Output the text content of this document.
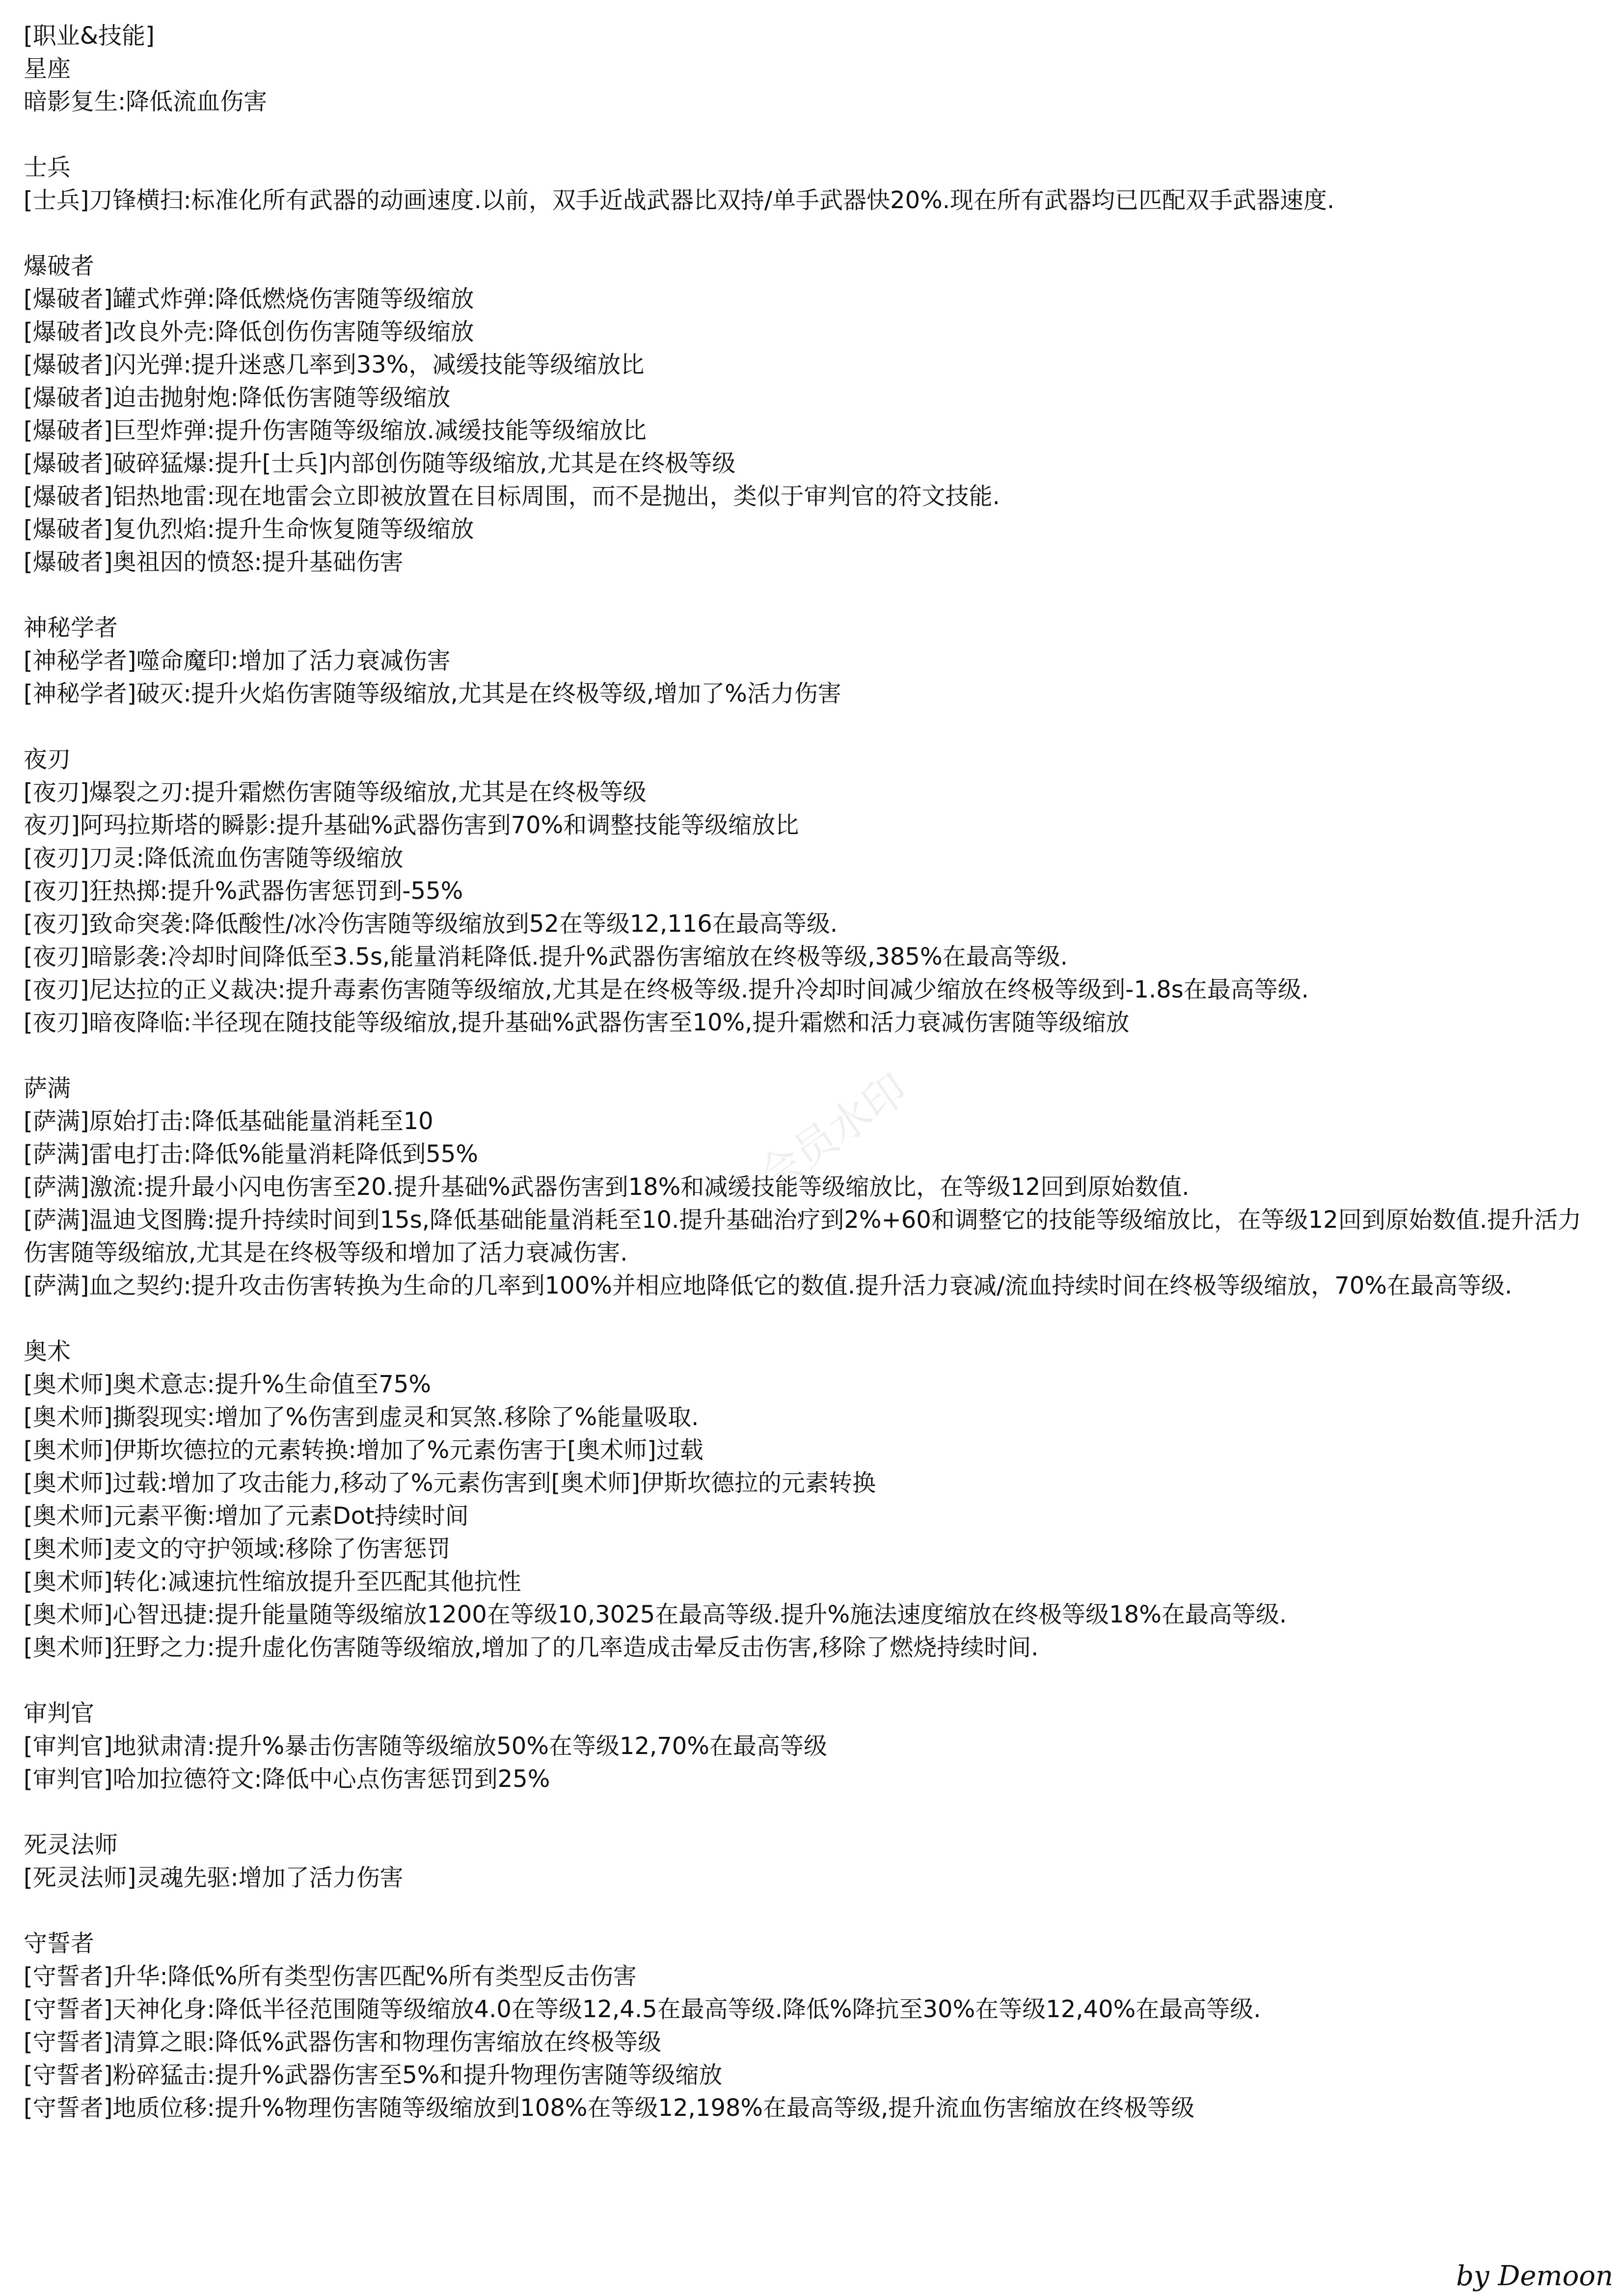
会员水印

[职业&技能]

星座

暗影复生:降低流血伤害

士兵

[士兵]刀锋横扫:标准化所有武器的动画速度.以前，双手近战武器比双持/单手武器快20%.现在所有武器均已匹配双手武器速度.

爆破者

[爆破者]罐式炸弹:降低燃烧伤害随等级缩放

[爆破者]改良外壳:降低创伤伤害随等级缩放

[爆破者]闪光弹:提升迷惑几率到33%，减缓技能等级缩放比

[爆破者]迫击抛射炮:降低伤害随等级缩放

[爆破者]巨型炸弹:提升伤害随等级缩放.减缓技能等级缩放比

[爆破者]破碎猛爆:提升[士兵]内部创伤随等级缩放,尤其是在终极等级

[爆破者]铝热地雷:现在地雷会立即被放置在目标周围，而不是抛出，类似于审判官的符文技能.

[爆破者]复仇烈焰:提升生命恢复随等级缩放

[爆破者]奥祖因的愤怒:提升基础伤害

神秘学者

[神秘学者]噬命魔印:增加了活力衰减伤害

[神秘学者]破灭:提升火焰伤害随等级缩放,尤其是在终极等级,增加了%活力伤害

夜刃

[夜刃]爆裂之刃:提升霜燃伤害随等级缩放,尤其是在终极等级

夜刃]阿玛拉斯塔的瞬影:提升基础%武器伤害到70%和调整技能等级缩放比

[夜刃]刀灵:降低流血伤害随等级缩放

[夜刃]狂热掷:提升%武器伤害惩罚到-55%

[夜刃]致命突袭:降低酸性/冰冷伤害随等级缩放到52在等级12,116在最高等级.

[夜刃]暗影袭:冷却时间降低至3.5s,能量消耗降低.提升%武器伤害缩放在终极等级,385%在最高等级.

[夜刃]尼达拉的正义裁决:提升毒素伤害随等级缩放,尤其是在终极等级.提升冷却时间减少缩放在终极等级到-1.8s在最高等级.

[夜刃]暗夜降临:半径现在随技能等级缩放,提升基础%武器伤害至10%,提升霜燃和活力衰减伤害随等级缩放

萨满

[萨满]原始打击:降低基础能量消耗至10

[萨满]雷电打击:降低%能量消耗降低到55%

[萨满]激流:提升最小闪电伤害至20.提升基础%武器伤害到18%和减缓技能等级缩放比，在等级12回到原始数值.

[萨满]温迪戈图腾:提升持续时间到15s,降低基础能量消耗至10.提升基础治疗到2%+60和调整它的技能等级缩放比，在等级12回到原始数值.提升活力伤害随等级缩放,尤其是在终极等级和增加了活力衰减伤害.

[萨满]血之契约:提升攻击伤害转换为生命的几率到100%并相应地降低它的数值.提升活力衰减/流血持续时间在终极等级缩放，70%在最高等级.

奥术

[奥术师]奥术意志:提升%生命值至75%

[奥术师]撕裂现实:增加了%伤害到虚灵和冥煞.移除了%能量吸取.

[奥术师]伊斯坎德拉的元素转换:增加了%元素伤害于[奥术师]过载

[奥术师]过载:增加了攻击能力,移动了%元素伤害到[奥术师]伊斯坎德拉的元素转换

[奥术师]元素平衡:增加了元素Dot持续时间

[奥术师]麦文的守护领域:移除了伤害惩罚

[奥术师]转化:减速抗性缩放提升至匹配其他抗性

[奥术师]心智迅捷:提升能量随等级缩放1200在等级10,3025在最高等级.提升%施法速度缩放在终极等级18%在最高等级.

[奥术师]狂野之力:提升虚化伤害随等级缩放,增加了的几率造成击晕反击伤害,移除了燃烧持续时间.

审判官

[审判官]地狱肃清:提升%暴击伤害随等级缩放50%在等级12,70%在最高等级

[审判官]哈加拉德符文:降低中心点伤害惩罚到25%

死灵法师

[死灵法师]灵魂先驱:增加了活力伤害

守誓者

[守誓者]升华:降低%所有类型伤害匹配%所有类型反击伤害

[守誓者]天神化身:降低半径范围随等级缩放4.0在等级12,4.5在最高等级.降低%降抗至30%在等级12,40%在最高等级.

[守誓者]清算之眼:降低%武器伤害和物理伤害缩放在终极等级

[守誓者]粉碎猛击:提升%武器伤害至5%和提升物理伤害随等级缩放

[守誓者]地质位移:提升%物理伤害随等级缩放到108%在等级12,198%在最高等级,提升流血伤害缩放在终极等级

by Demoon
